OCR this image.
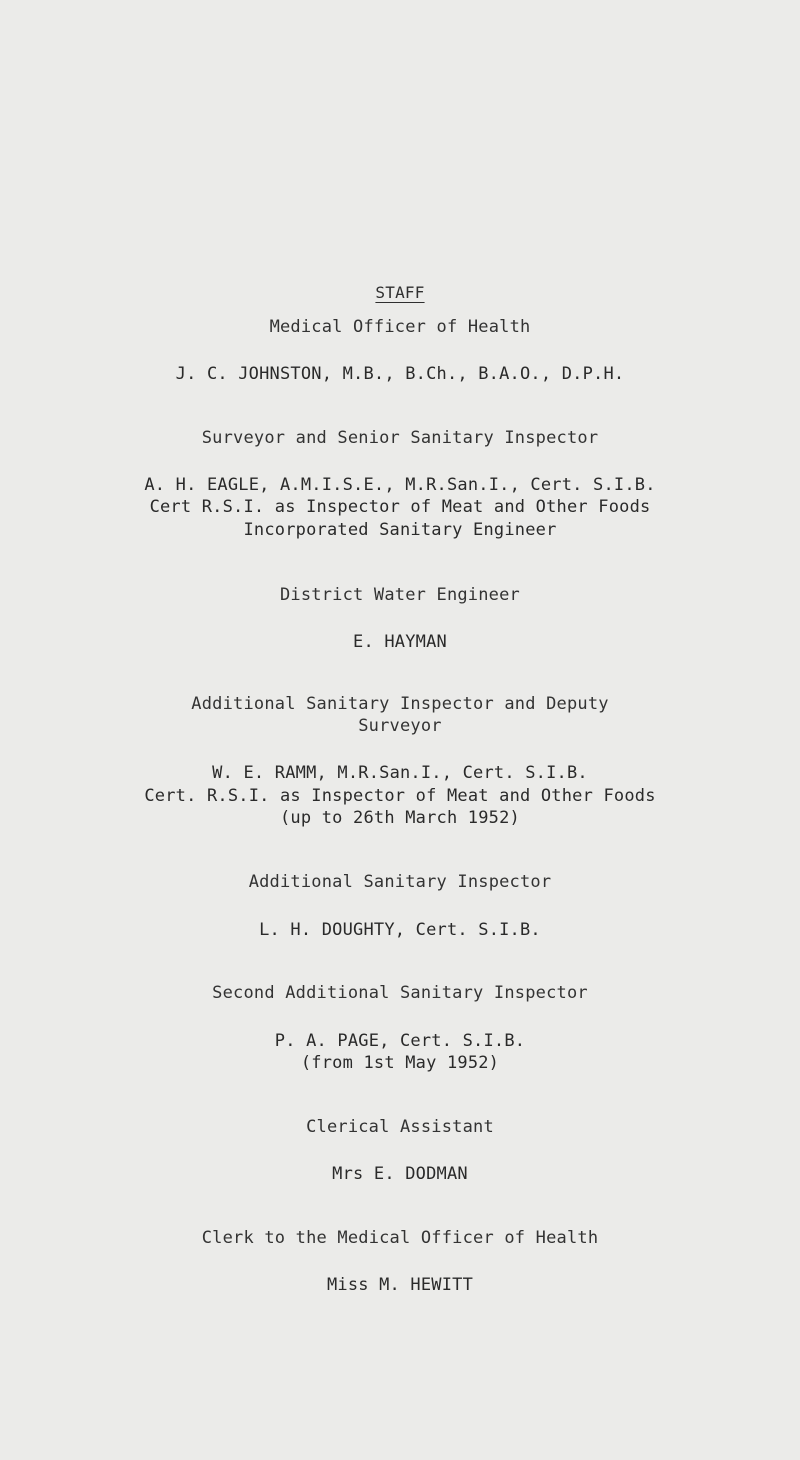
STAFF
Medical Officer of Health
J. C. JOHNSTON, M.B., B.Ch., B.A.O., D.P.H.
Surveyor and Senior Sanitary Inspector
A. H. EAGLE, A.M.I.S.E., M.R.San.I., Cert. S.I.B.
Cert R.S.I. as Inspector of Meat and Other Foods
Incorporated Sanitary Engineer
District Water Engineer
E. HAYMAN
Additional Sanitary Inspector and Deputy
Surveyor
W. E. RAMM, M.R.San.I., Cert. S.I.B.
Cert. R.S.I. as Inspector of Meat and Other Foods
(up to 26th March 1952)
Additional Sanitary Inspector
L. H. DOUGHTY, Cert. S.I.B.
Second Additional Sanitary Inspector
P. A. PAGE, Cert. S.I.B.
(from 1st May 1952)
Clerical Assistant
Mrs E. DODMAN
Clerk to the Medical Officer of Health
Miss M. HEWITT
